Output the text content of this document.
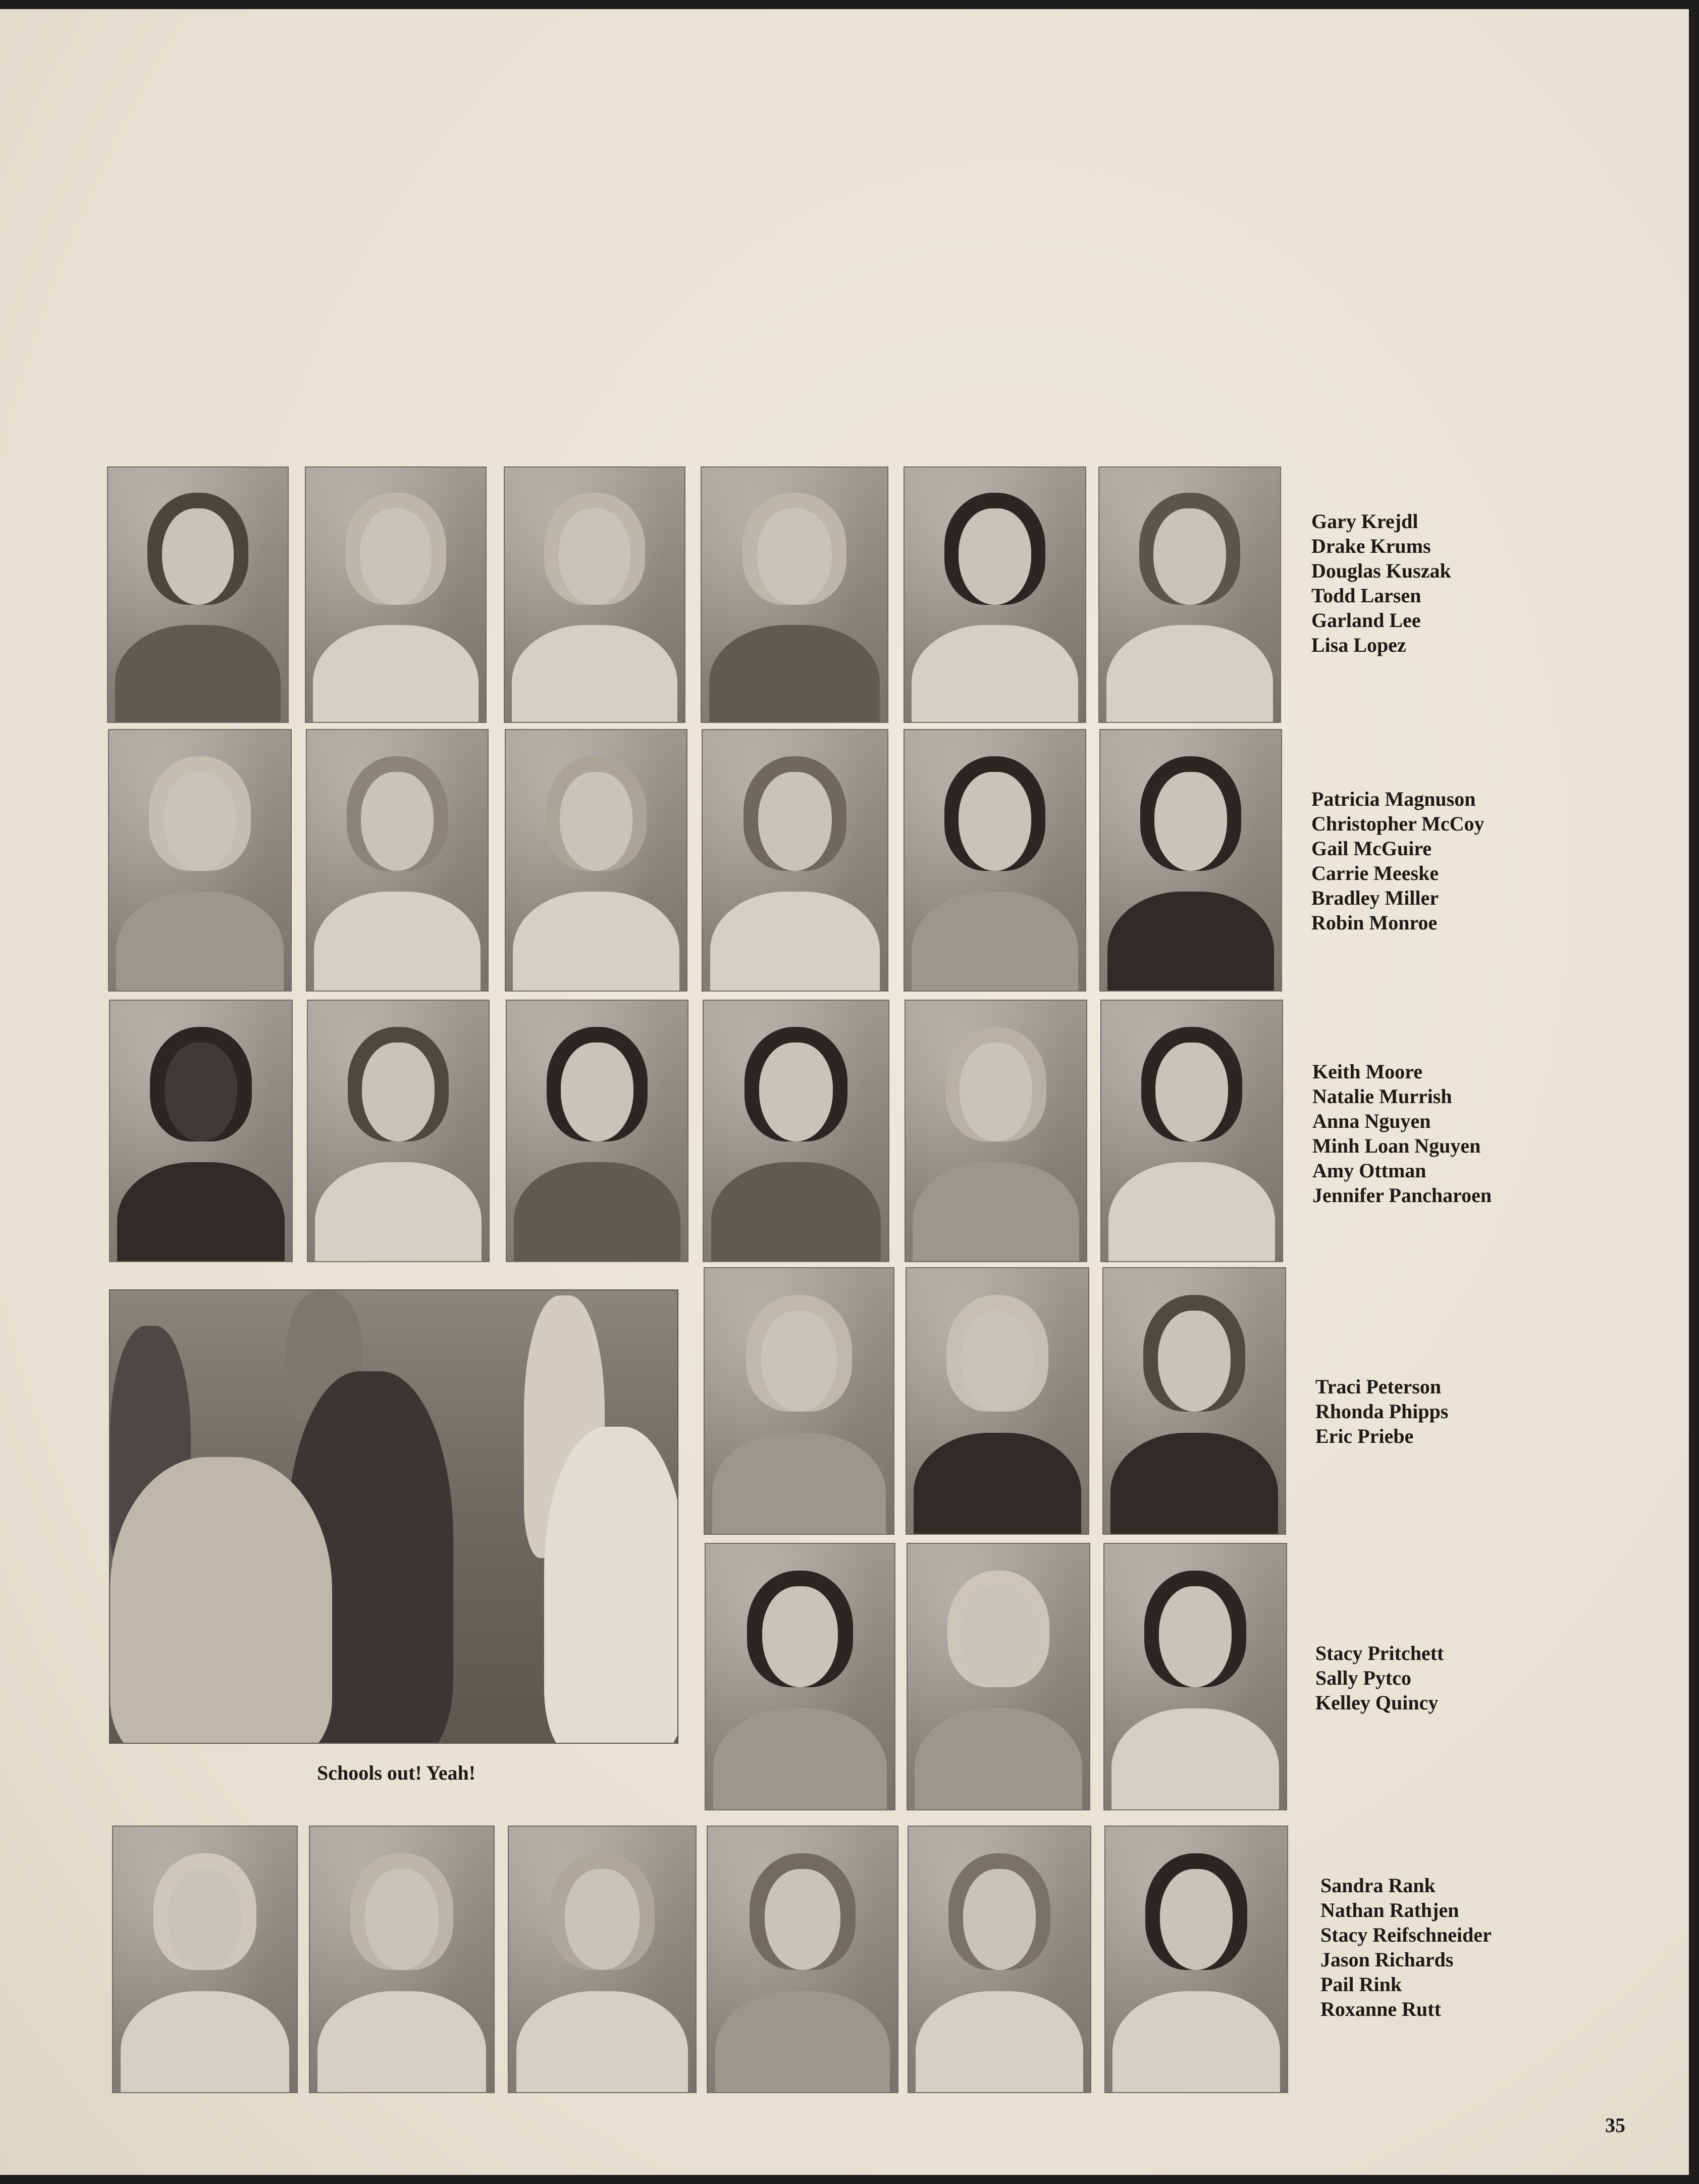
Gary Krejdl
Drake Krums
Douglas Kuszak
Todd Larsen
Garland Lee
Lisa Lopez
Patricia Magnuson
Christopher McCoy
Gail McGuire
Carrie Meeske
Bradley Miller
Robin Monroe
Keith Moore
Natalie Murrish
Anna Nguyen
Minh Loan Nguyen
Amy Ottman
Jennifer Pancharoen
Schools out! Yeah!
Traci Peterson
Rhonda Phipps
Eric Priebe
Stacy Pritchett
Sally Pytco
Kelley Quincy
Sandra Rank
Nathan Rathjen
Stacy Reifschneider
Jason Richards
Pail Rink
Roxanne Rutt
35
